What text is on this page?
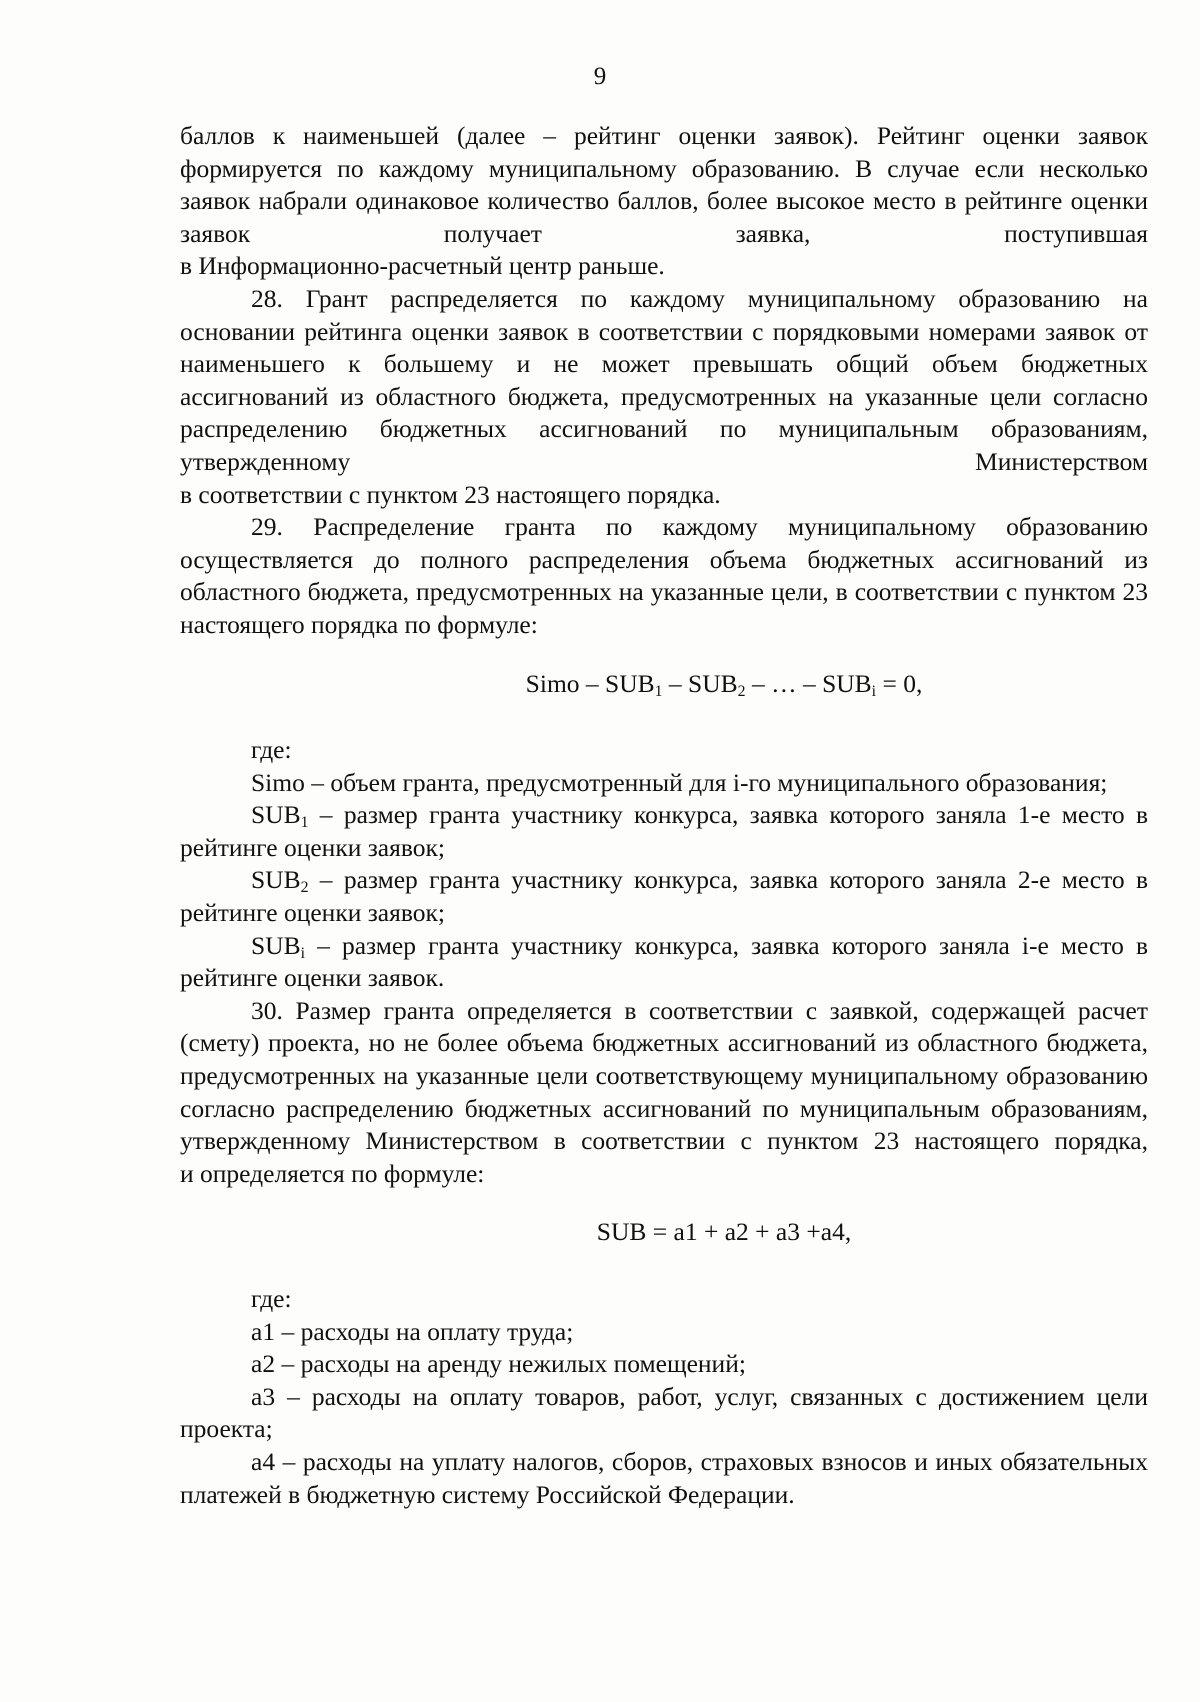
9

баллов к наименьшей (далее – рейтинг оценки заявок). Рейтинг оценки заявок формируется по каждому муниципальному образованию. В случае если несколько заявок набрали одинаковое количество баллов, более высокое место в рейтинге оценки заявок получает заявка, поступившая

в Информационно-расчетный центр раньше.

28. Грант распределяется по каждому муниципальному образованию на основании рейтинга оценки заявок в соответствии с порядковыми номерами заявок от наименьшего к большему и не может превышать общий объем бюджетных ассигнований из областного бюджета, предусмотренных на указанные цели согласно распределению бюджетных ассигнований по муниципальным образованиям, утвержденному Министерством

в соответствии с пунктом 23 настоящего порядка.

29. Распределение гранта по каждому муниципальному образованию осуществляется до полного распределения объема бюджетных ассигнований из областного бюджета, предусмотренных на указанные цели, в соответствии с пунктом 23 настоящего порядка по формуле:

Simo – $SUB_1 - SUB_2$ – … – $SUB_i = 0$,

где:

Simo – объем гранта, предусмотренный для i-го муниципального образования;

$SUB_1$ – размер гранта участнику конкурса, заявка которого заняла 1-е место в рейтинге оценки заявок;

$SUB_2$ – размер гранта участнику конкурса, заявка которого заняла 2-е место в рейтинге оценки заявок;

$SUB_i$ – размер гранта участнику конкурса, заявка которого заняла i-е место в рейтинге оценки заявок.

30. Размер гранта определяется в соответствии с заявкой, содержащей расчет (смету) проекта, но не более объема бюджетных ассигнований из областного бюджета, предусмотренных на указанные цели соответствующему муниципальному образованию согласно распределению бюджетных ассигнований по муниципальным образованиям, утвержденному Министерством в соответствии с пунктом 23 настоящего порядка,

и определяется по формуле:

SUB = a1 + a2 + a3 +a4,

где:

a1 – расходы на оплату труда;

a2 – расходы на аренду нежилых помещений;

a3 – расходы на оплату товаров, работ, услуг, связанных с достижением цели проекта;

a4 – расходы на уплату налогов, сборов, страховых взносов и иных обязательных платежей в бюджетную систему Российской Федерации.
